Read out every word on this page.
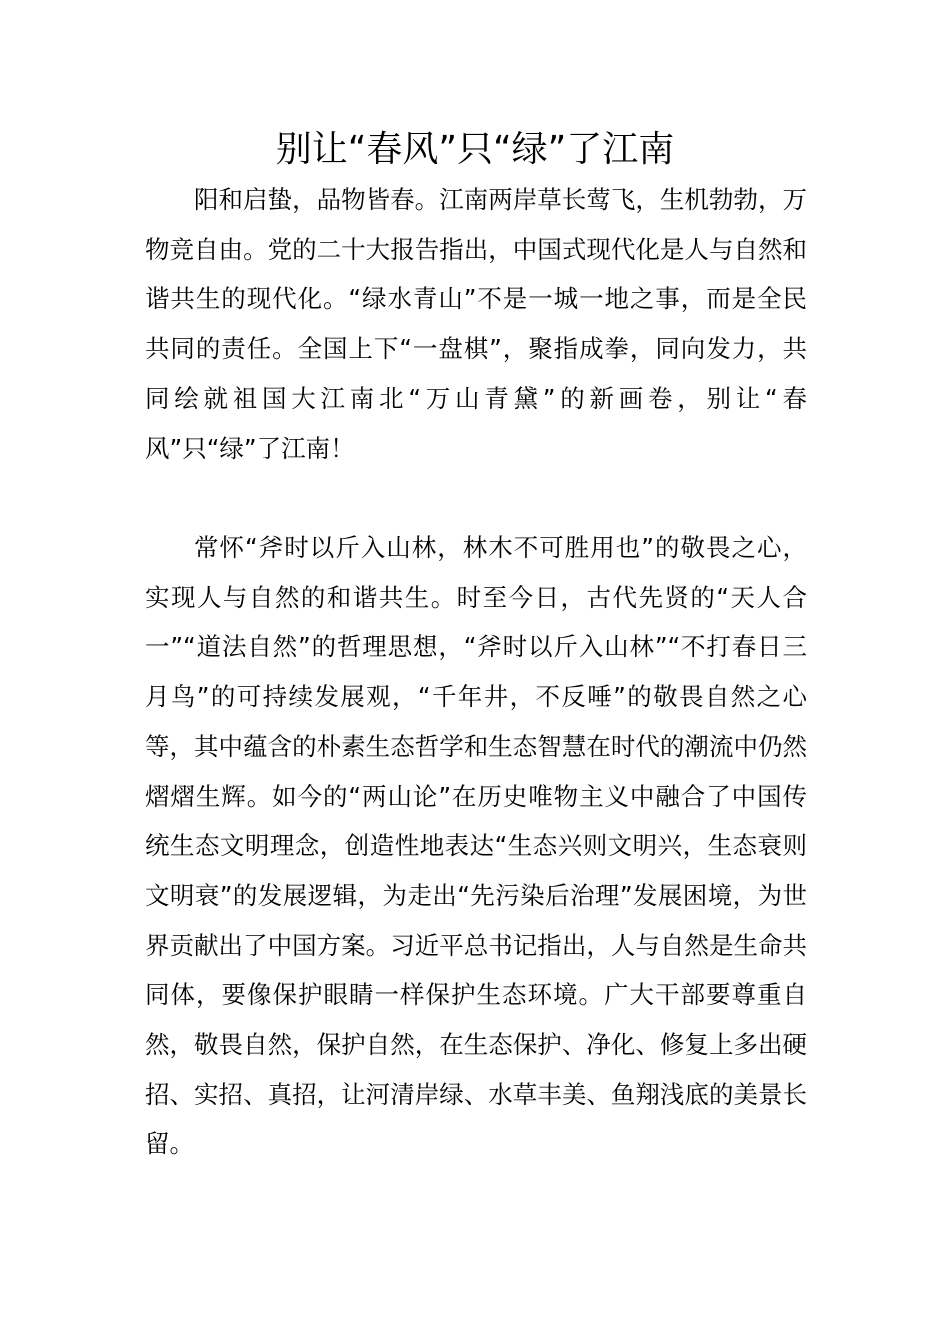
别让“春风”只“绿”了江南

阳和启蛰，品物皆春。江南两岸草长莺飞，生机勃勃，万物竞自由。党的二十大报告指出，中国式现代化是人与自然和谐共生的现代化。“绿水青山”不是一城一地之事，而是全民共同的责任。全国上下“一盘棋”，聚指成拳，同向发力，共同绘就祖国大江南北“万山青黛”的新画卷，别让“春风”只“绿”了江南！

常怀“斧时以斤入山林，林木不可胜用也”的敬畏之心，实现人与自然的和谐共生。时至今日，古代先贤的“天人合一”“道法自然”的哲理思想，“斧时以斤入山林”“不打春日三月鸟”的可持续发展观，“千年井，不反唾”的敬畏自然之心等，其中蕴含的朴素生态哲学和生态智慧在时代的潮流中仍然熠熠生辉。如今的“两山论”在历史唯物主义中融合了中国传统生态文明理念，创造性地表达“生态兴则文明兴，生态衰则文明衰”的发展逻辑，为走出“先污染后治理”发展困境，为世界贡献出了中国方案。习近平总书记指出，人与自然是生命共同体，要像保护眼睛一样保护生态环境。广大干部要尊重自然，敬畏自然，保护自然，在生态保护、净化、修复上多出硬招、实招、真招，让河清岸绿、水草丰美、鱼翔浅底的美景长留。
